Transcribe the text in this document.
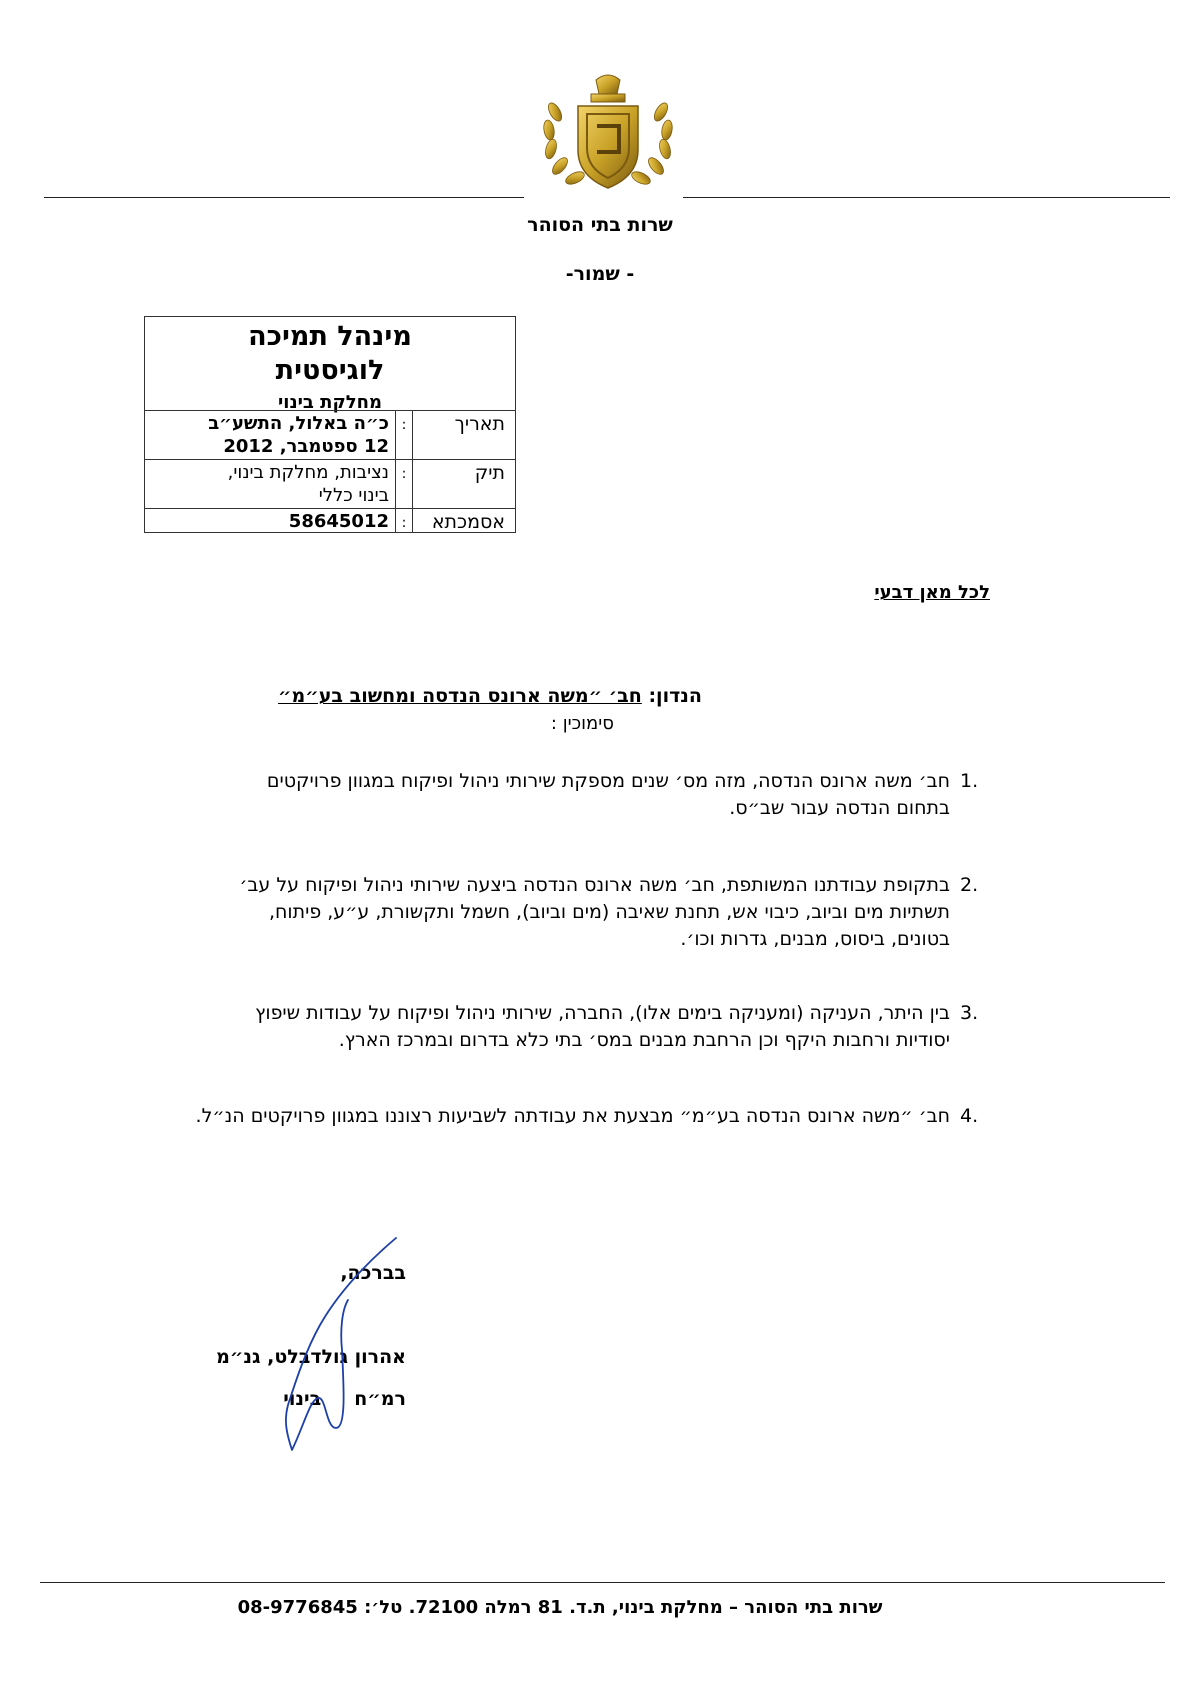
שרות בתי הסוהר
- שמור-
מינהל תמיכה
לוגיסטית
מחלקת בינוי
תאריך
:
כ״ה באלול, התשע״ב
12 ספטמבר, 2012
תיק
:
נציבות, מחלקת בינוי,
בינוי כללי
אסמכתא
:
58645012
לכל מאן דבעי
הנדון: חב׳ ״משה ארונס הנדסה ומחשוב בע״מ״
סימוכין :
1.
חב׳ משה ארונס הנדסה, מזה מס׳ שנים מספקת שירותי ניהול ופיקוח במגוון פרויקטים
בתחום הנדסה עבור שב״ס.
2.
בתקופת עבודתנו המשותפת, חב׳ משה ארונס הנדסה ביצעה שירותי ניהול ופיקוח על עב׳
תשתיות מים וביוב, כיבוי אש, תחנת שאיבה (מים וביוב), חשמל ותקשורת, ע״ע, פיתוח,
בטונים, ביסוס, מבנים, גדרות וכו׳.
3.
בין היתר, העניקה (ומעניקה בימים אלו), החברה, שירותי ניהול ופיקוח על עבודות שיפוץ
יסודיות ורחבות היקף וכן הרחבת מבנים במס׳ בתי כלא בדרום ובמרכז הארץ.
4.
חב׳ ״משה ארונס הנדסה בע״מ״ מבצעת את עבודתה לשביעות רצוננו במגוון פרויקטים הנ״ל.
בברכה,
אהרון גולדבלט, גנ״מ
רמ״ח     בינוי
שרות בתי הסוהר – מחלקת בינוי, ת.ד. 81 רמלה 72100. טל׳: 08-9776845
